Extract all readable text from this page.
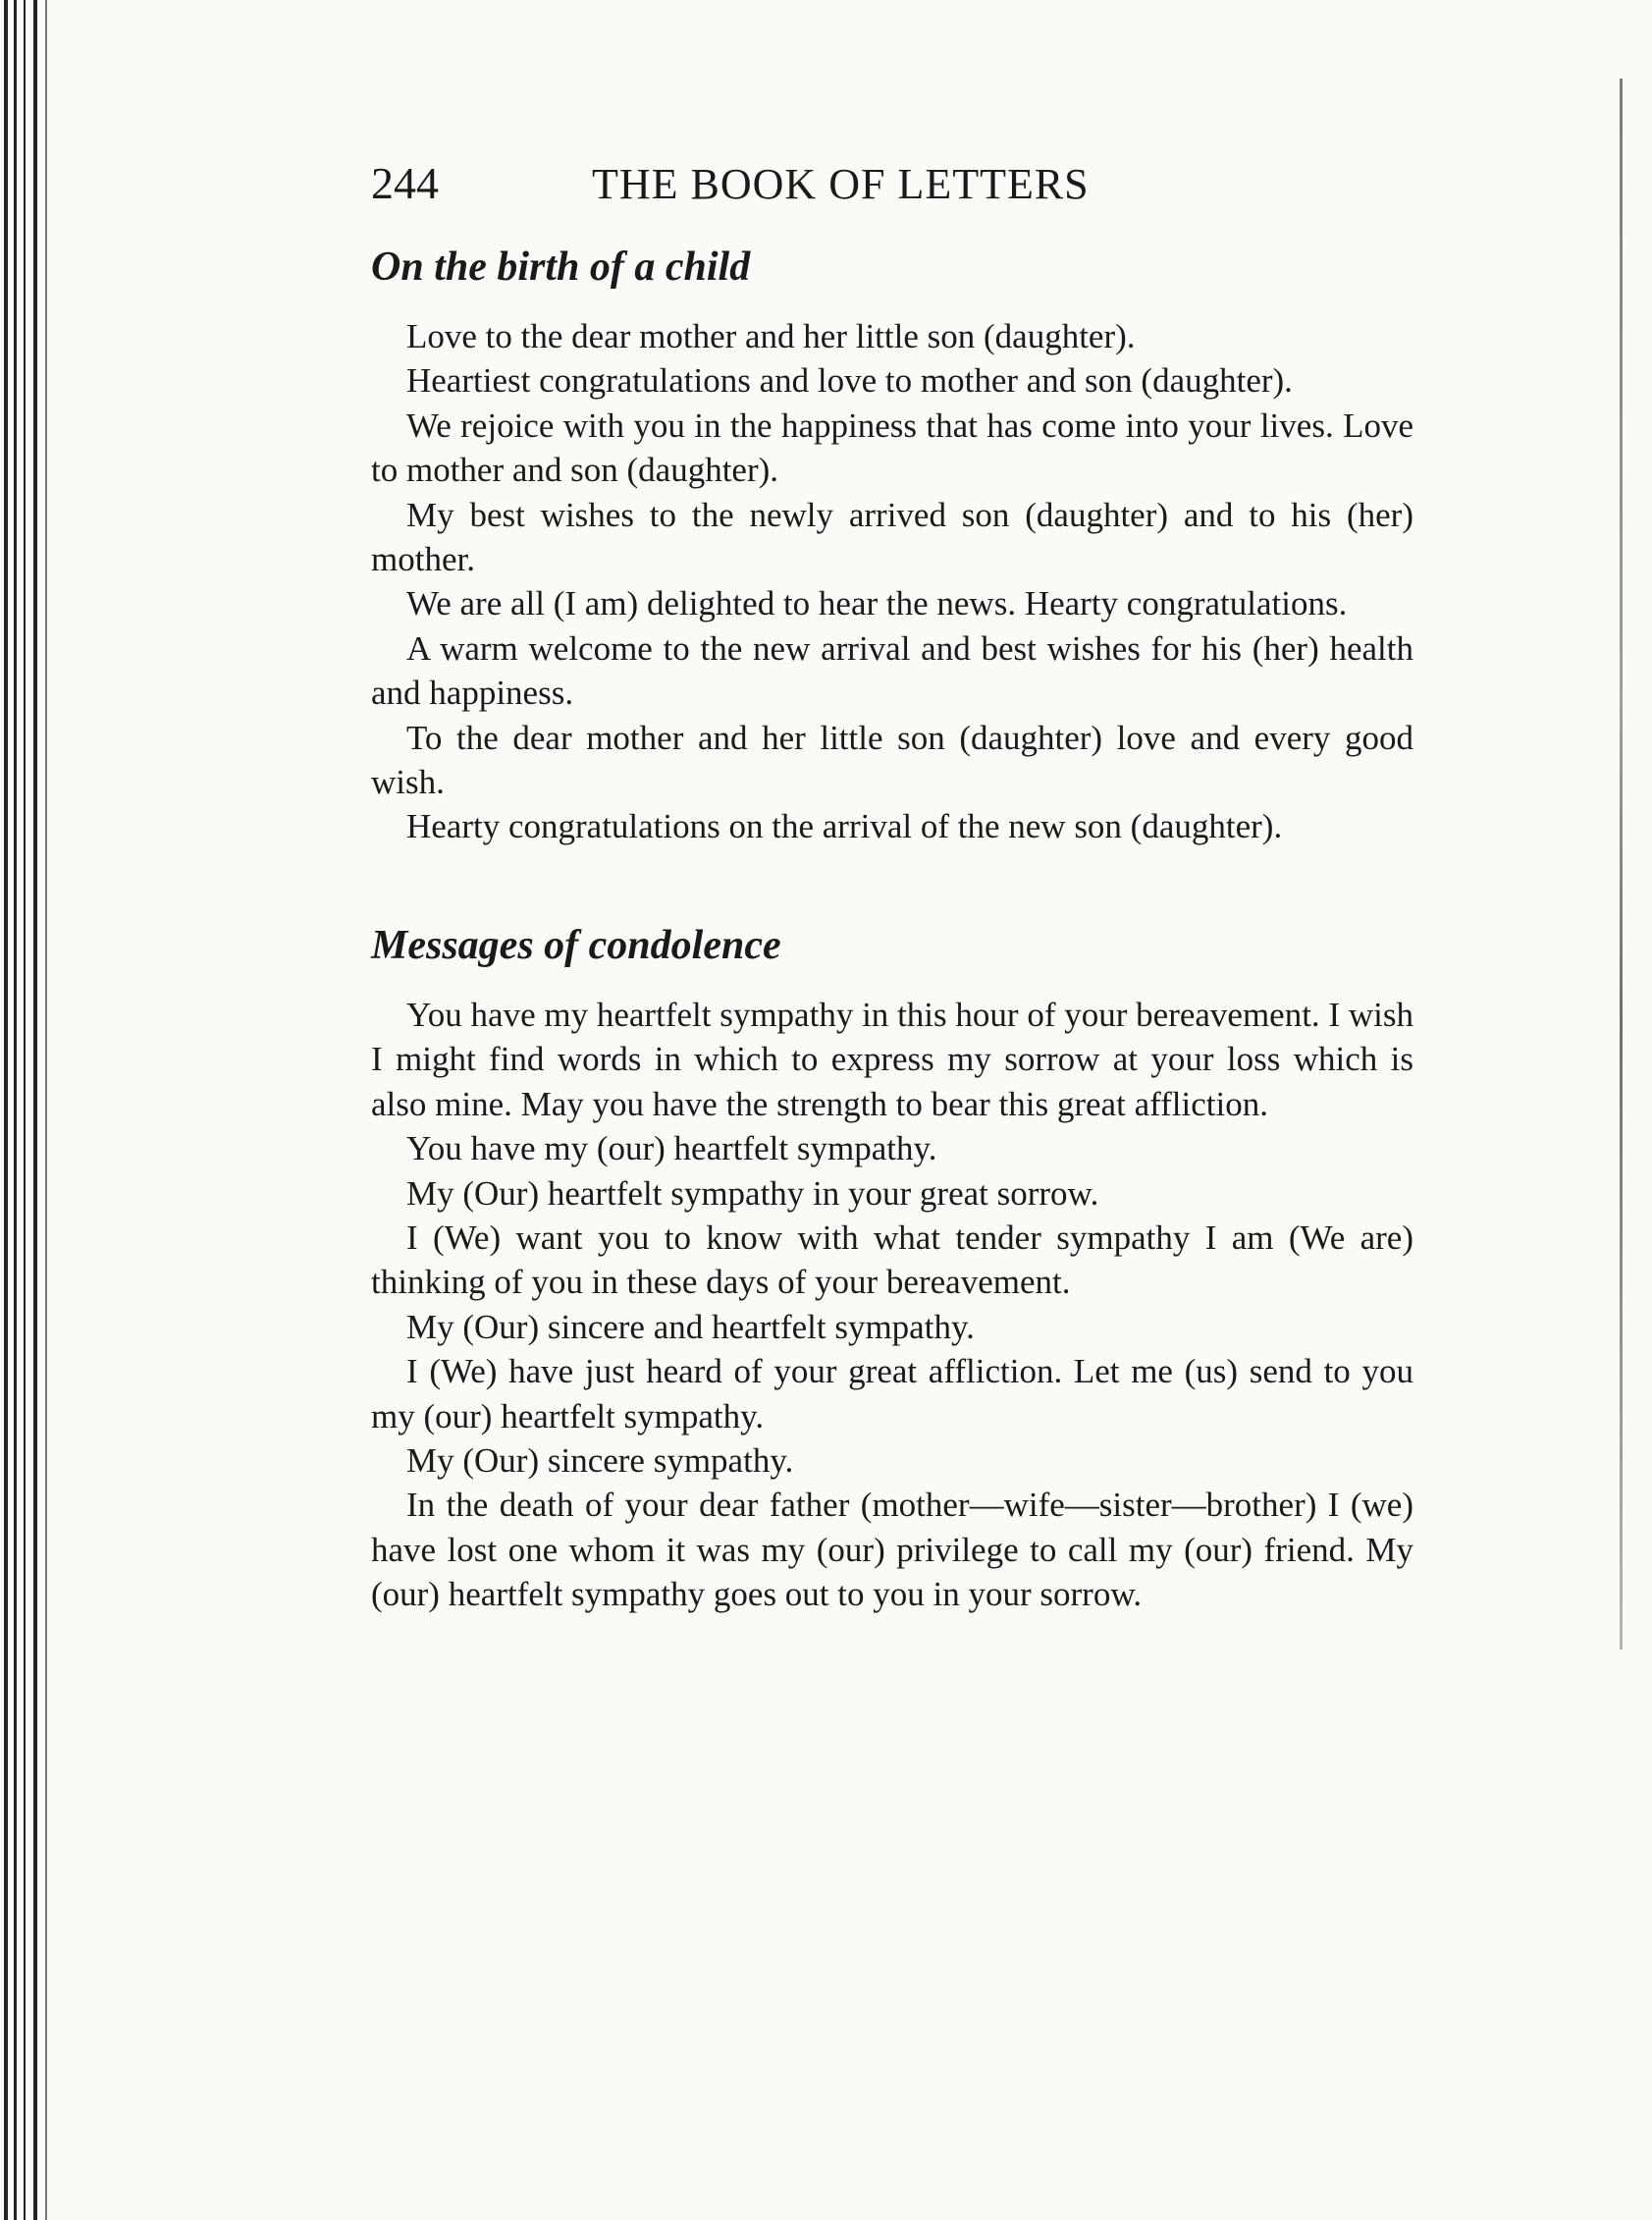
244	THE BOOK OF LETTERS
On the birth of a child

Love to the dear mother and her little son (daughter).

Heartiest congratulations and love to mother and son (daughter).

We rejoice with you in the happiness that has come into your lives. Love to mother and son (daughter).

My best wishes to the newly arrived son (daughter) and to his (her) mother.

We are all (I am) delighted to hear the news. Hearty congratulations.

A warm welcome to the new arrival and best wishes for his (her) health and happiness.

To the dear mother and her little son (daughter) love and every good wish.

Hearty congratulations on the arrival of the new son (daughter).

Messages of condolence

You have my heartfelt sympathy in this hour of your bereavement. I wish I might find words in which to express my sorrow at your loss which is also mine. May you have the strength to bear this great affliction.

You have my (our) heartfelt sympathy.

My (Our) heartfelt sympathy in your great sorrow.

I (We) want you to know with what tender sympathy I am (We are) thinking of you in these days of your bereavement.

My (Our) sincere and heartfelt sympathy.

I (We) have just heard of your great affliction. Let me (us) send to you my (our) heartfelt sympathy.

My (Our) sincere sympathy.

In the death of your dear father (mother—wife—sister—brother) I (we) have lost one whom it was my (our) privilege to call my (our) friend. My (our) heartfelt sympathy goes out to you in your sorrow.
